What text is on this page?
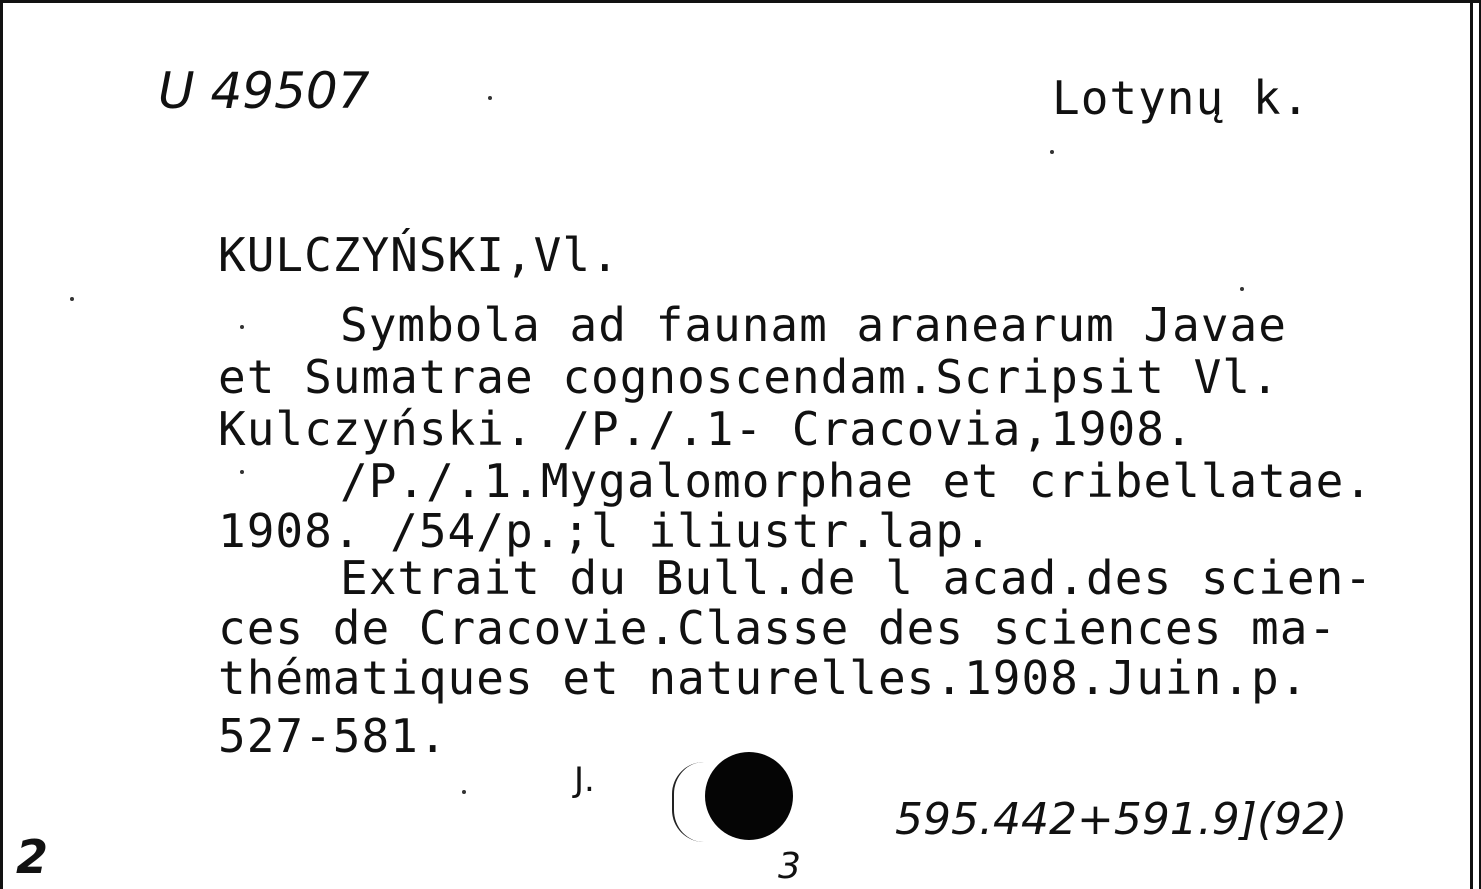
U 49507	Lotynų k.
KULCZYŃSKI,Vl.
Symbola ad faunam aranearum Javae
et Sumatrae cognoscendam.Scripsit Vl.
Kulczyński. /P./.1- Cracovia,1908.
/P./.1.Mygalomorphae et cribellatae.
1908. /54/p.;l iliustr.lap.
Extrait du Bull.de l acad.des scien-
ces de Cracovie.Classe des sciences ma-
thématiques et naturelles.1908.Juin.p.
527-581.
J.
595.442+591.9](92)
2	3
